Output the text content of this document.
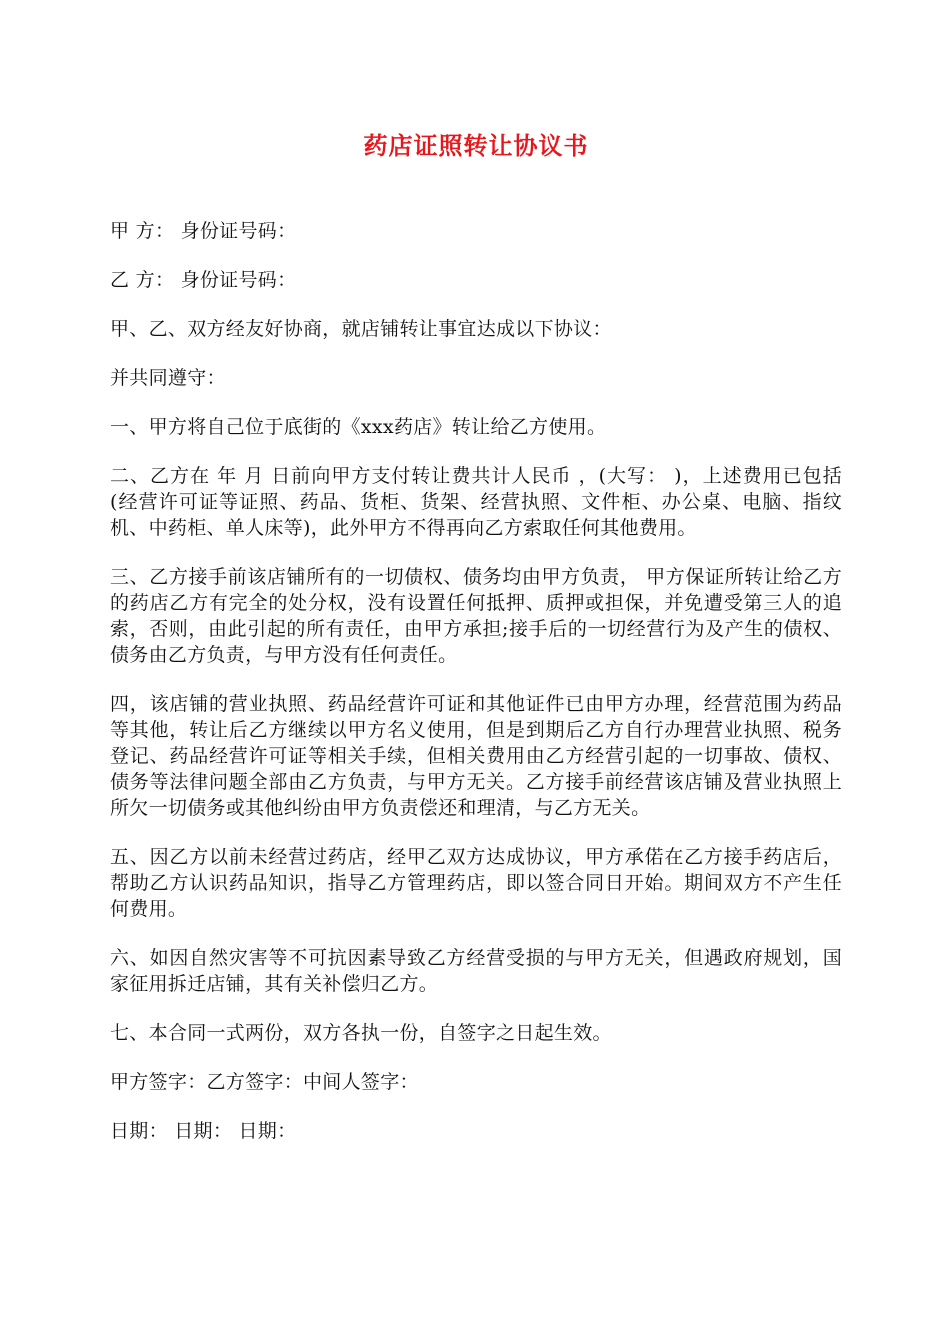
药店证照转让协议书

甲 方： 身份证号码：

乙 方： 身份证号码：

甲、乙、双方经友好协商，就店铺转让事宜达成以下协议：

并共同遵守：

一、甲方将自己位于底街的《xxx药店》转让给乙方使用。

二、乙方在 年 月 日前向甲方支付转让费共计人民币 ，(大写： )，上述费用已包括 (经营许可证等证照、药品、货柜、货架、经营执照、文件柜、办公桌、电脑、指纹机、中药柜、单人床等)，此外甲方不得再向乙方索取任何其他费用。

三、乙方接手前该店铺所有的一切债权、债务均由甲方负责， 甲方保证所转让给乙方的药店乙方有完全的处分权，没有设置任何抵押、质押或担保，并免遭受第三人的追索，否则，由此引起的所有责任，由甲方承担;接手后的一切经营行为及产生的债权、债务由乙方负责，与甲方没有任何责任。

四，该店铺的营业执照、药品经营许可证和其他证件已由甲方办理，经营范围为药品等其他，转让后乙方继续以甲方名义使用，但是到期后乙方自行办理营业执照、税务登记、药品经营许可证等相关手续，但相关费用由乙方经营引起的一切事故、债权、债务等法律问题全部由乙方负责，与甲方无关。乙方接手前经营该店铺及营业执照上所欠一切债务或其他纠纷由甲方负责偿还和理清，与乙方无关。

五、因乙方以前未经营过药店，经甲乙双方达成协议，甲方承偌在乙方接手药店后，帮助乙方认识药品知识，指导乙方管理药店，即以签合同日开始。期间双方不产生任何费用。

六、如因自然灾害等不可抗因素导致乙方经营受损的与甲方无关，但遇政府规划，国家征用拆迁店铺，其有关补偿归乙方。

七、本合同一式两份，双方各执一份，自签字之日起生效。

甲方签字：乙方签字：中间人签字：

日期： 日期： 日期：
